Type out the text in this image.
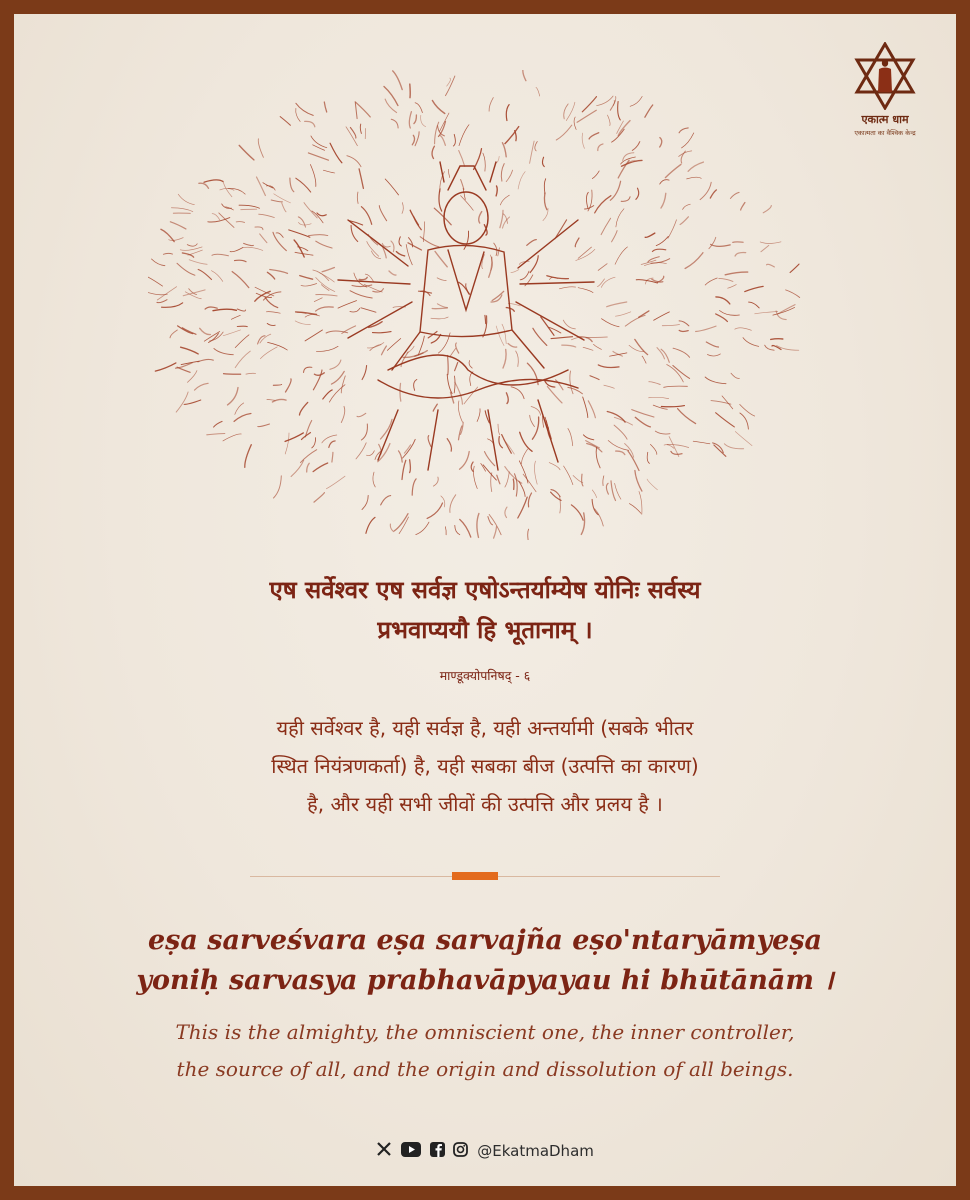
एकात्म धाम
एकात्मता का वैश्विक केन्द्र
एष सर्वेश्वर एष सर्वज्ञ एषोऽन्तर्याम्येष योनिः सर्वस्य
प्रभवाप्ययौ हि भूतानाम् ।
माण्डूक्योपनिषद् - ६
यही सर्वेश्वर है, यही सर्वज्ञ है, यही अन्तर्यामी (सबके भीतर
स्थित नियंत्रणकर्ता) है, यही सबका बीज (उत्पत्ति का कारण)
है, और यही सभी जीवों की उत्पत्ति और प्रलय है ।
eṣa sarveśvara eṣa sarvajña eṣo'ntaryāmyeṣa
yoniḥ sarvasya prabhavāpyayau hi bhūtānām ।
This is the almighty, the omniscient one, the inner controller,
the source of all, and the origin and dissolution of all beings.
@EkatmaDham
